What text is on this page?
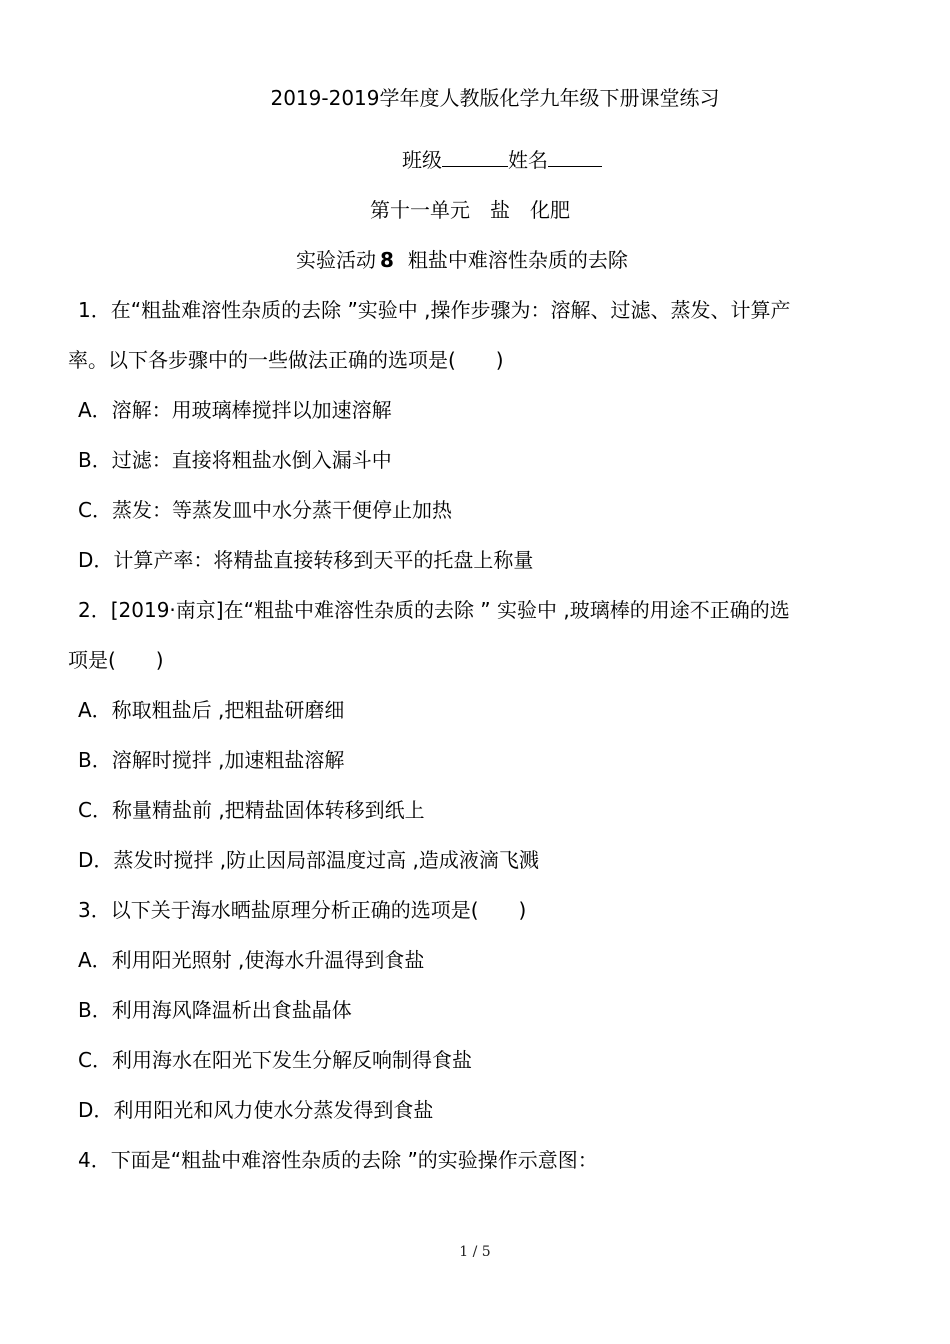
2019-2019学年度人教版化学九年级下册课堂练习
班级	姓名
第十一单元　盐　化肥
实验活动 8 粗盐中难溶性杂质的去除
1．在“粗盐难溶性杂质的去除 ”实验中 ,操作步骤为：溶解、过滤、蒸发、计算产
率。以下各步骤中的一些做法正确的选项是(　　)
A．溶解：用玻璃棒搅拌以加速溶解
B．过滤：直接将粗盐水倒入漏斗中
C．蒸发：等蒸发皿中水分蒸干便停止加热
D．计算产率：将精盐直接转移到天平的托盘上称量
2．[2019·南京]在“粗盐中难溶性杂质的去除 ” 实验中 ,玻璃棒的用途不正确的选
项是(　　)
A．称取粗盐后 ,把粗盐研磨细
B．溶解时搅拌 ,加速粗盐溶解
C．称量精盐前 ,把精盐固体转移到纸上
D．蒸发时搅拌 ,防止因局部温度过高 ,造成液滴飞溅
3．以下关于海水晒盐原理分析正确的选项是(　　)
A．利用阳光照射 ,使海水升温得到食盐
B．利用海风降温析出食盐晶体
C．利用海水在阳光下发生分解反响制得食盐
D．利用阳光和风力使水分蒸发得到食盐
4．下面是“粗盐中难溶性杂质的去除 ”的实验操作示意图：
1 / 5
